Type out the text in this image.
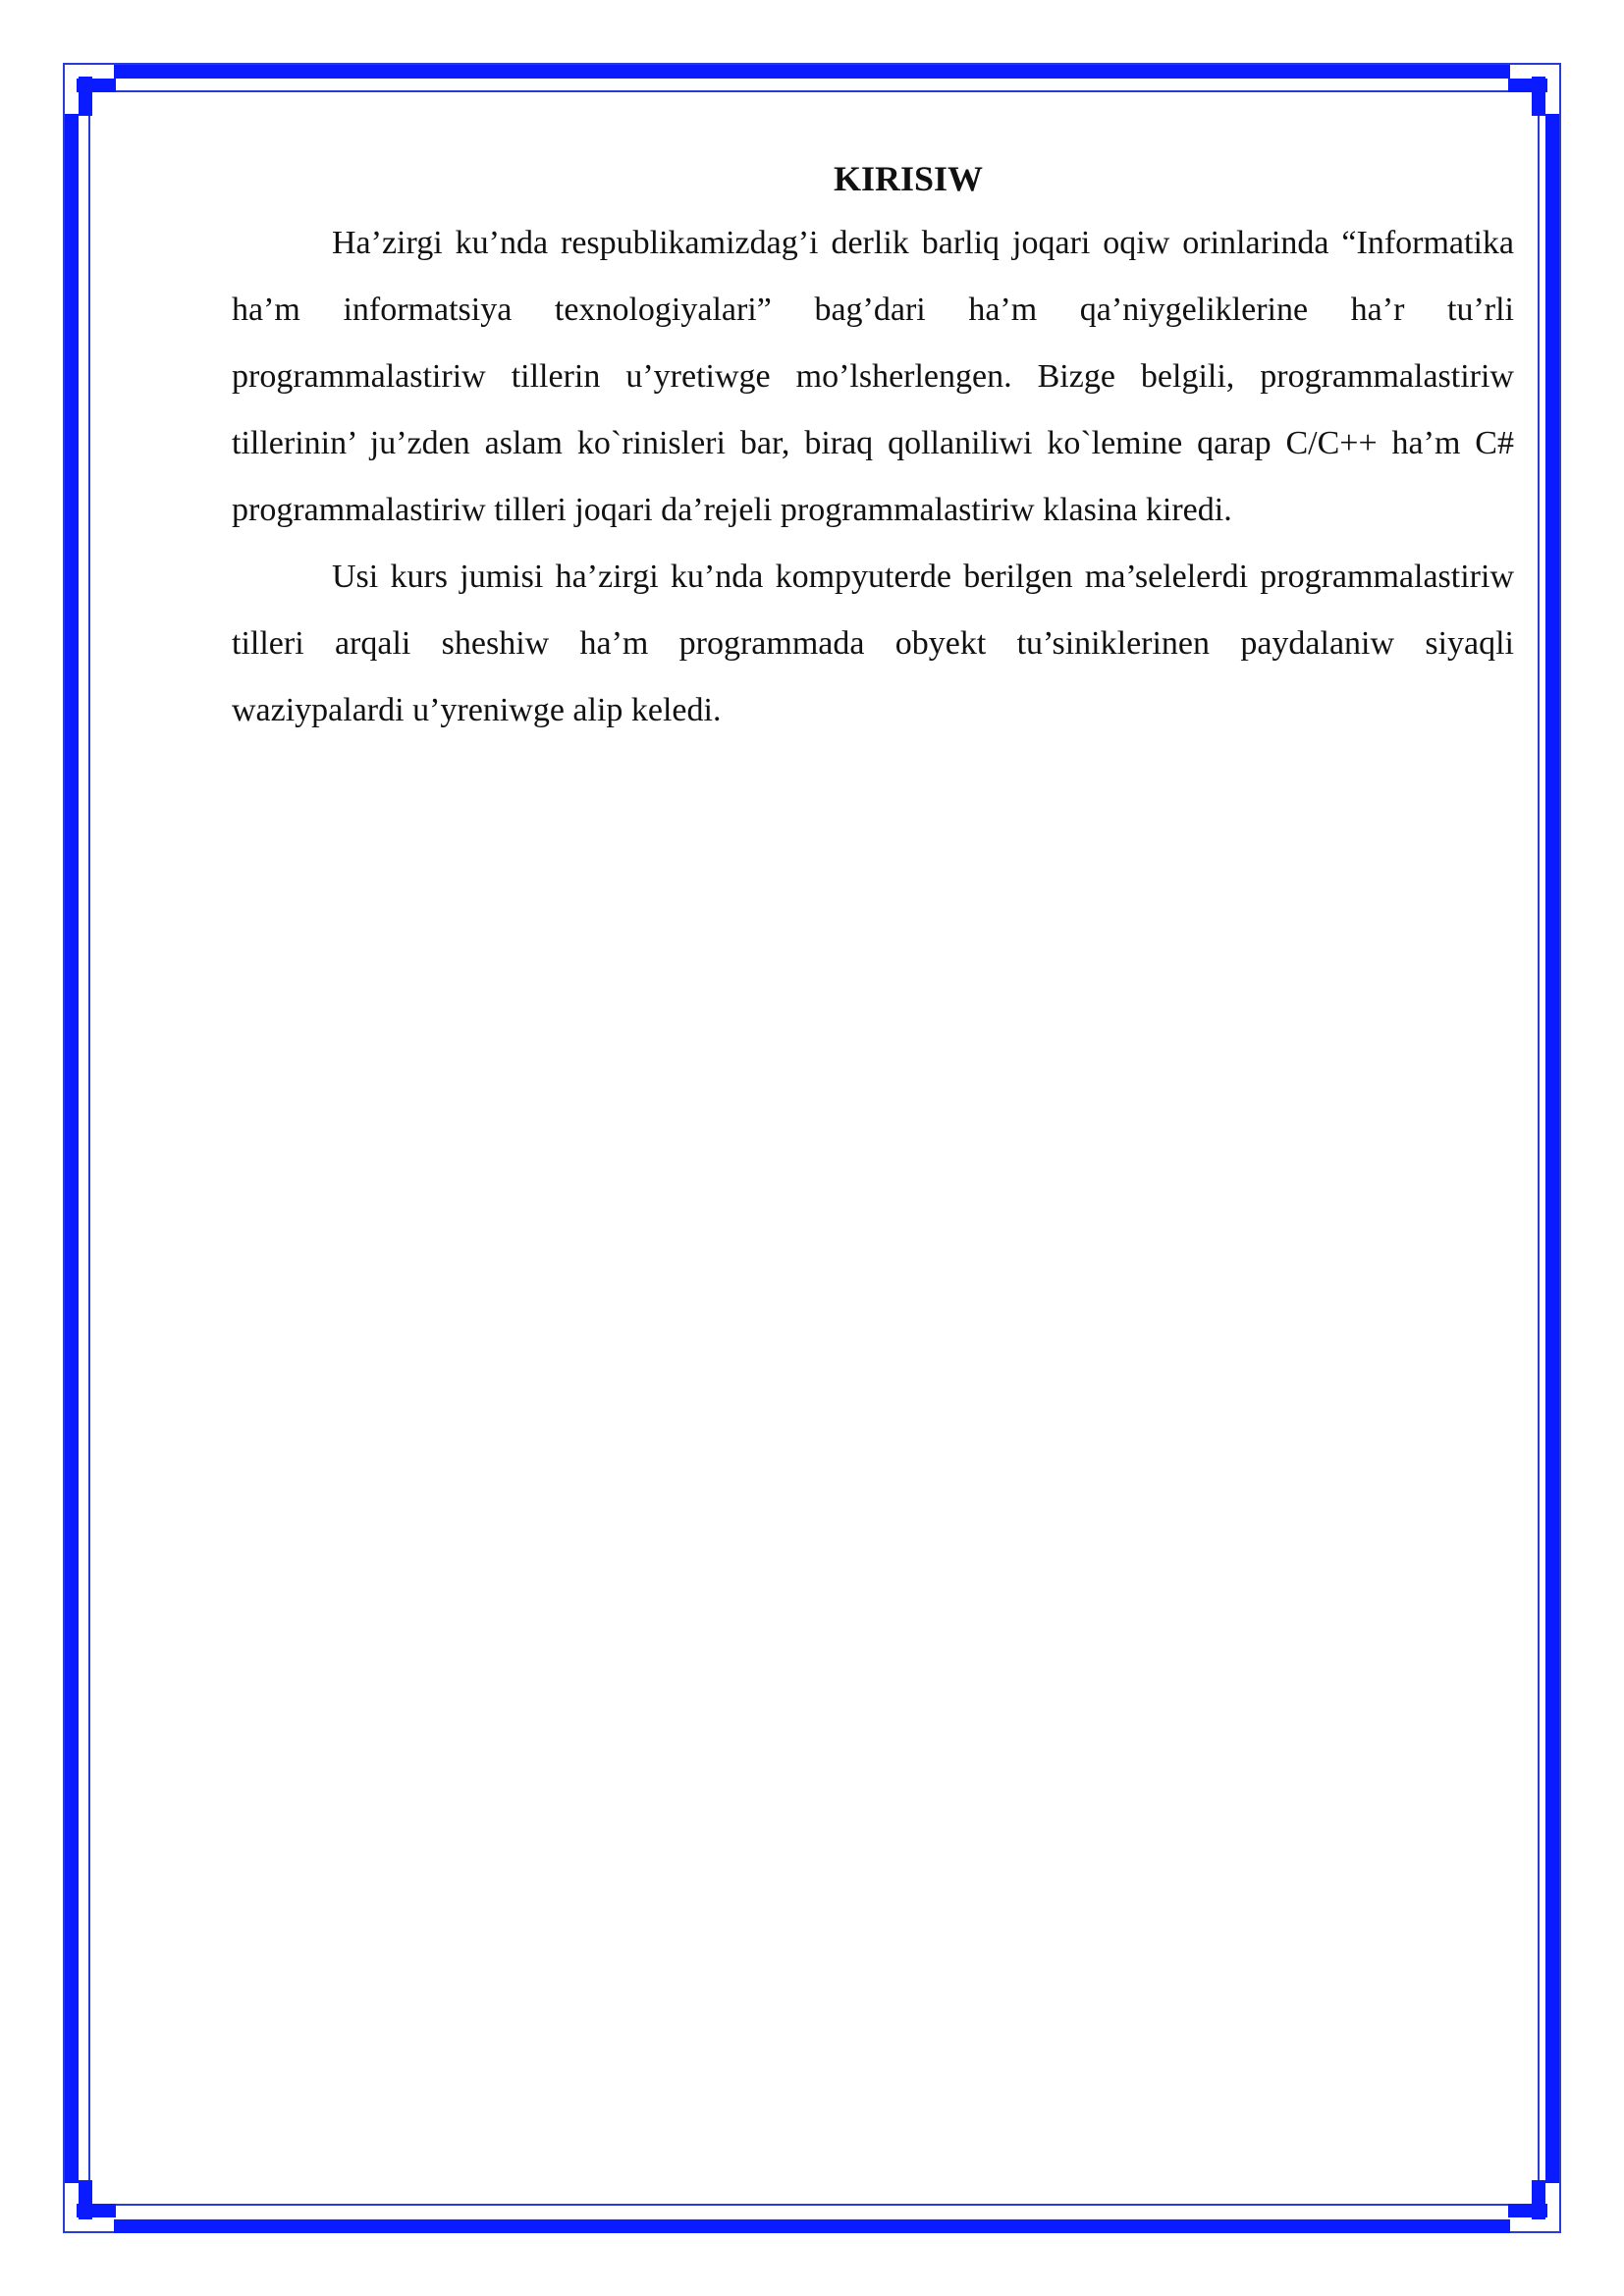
KIRISIW

Ha’zirgi ku’nda respublikamizdag’i derlik barliq joqari oqiw orinlarinda “Informatika ha’m informatsiya texnologiyalari” bag’dari ha’m qa’niygeliklerine ha’r tu’rli programmalastiriw tillerin u’yretiwge mo’lsherlengen. Bizge belgili, programmalastiriw tillerinin’ ju’zden aslam ko`rinisleri bar, biraq qollaniliwi ko`lemine qarap C/C++ ha’m C# programmalastiriw tilleri joqari da’rejeli programmalastiriw klasina kiredi.

Usi kurs jumisi ha’zirgi ku’nda kompyuterde berilgen ma’selelerdi programmalastiriw tilleri arqali sheshiw ha’m programmada obyekt tu’siniklerinen paydalaniw siyaqli waziypalardi u’yreniwge alip keledi.
